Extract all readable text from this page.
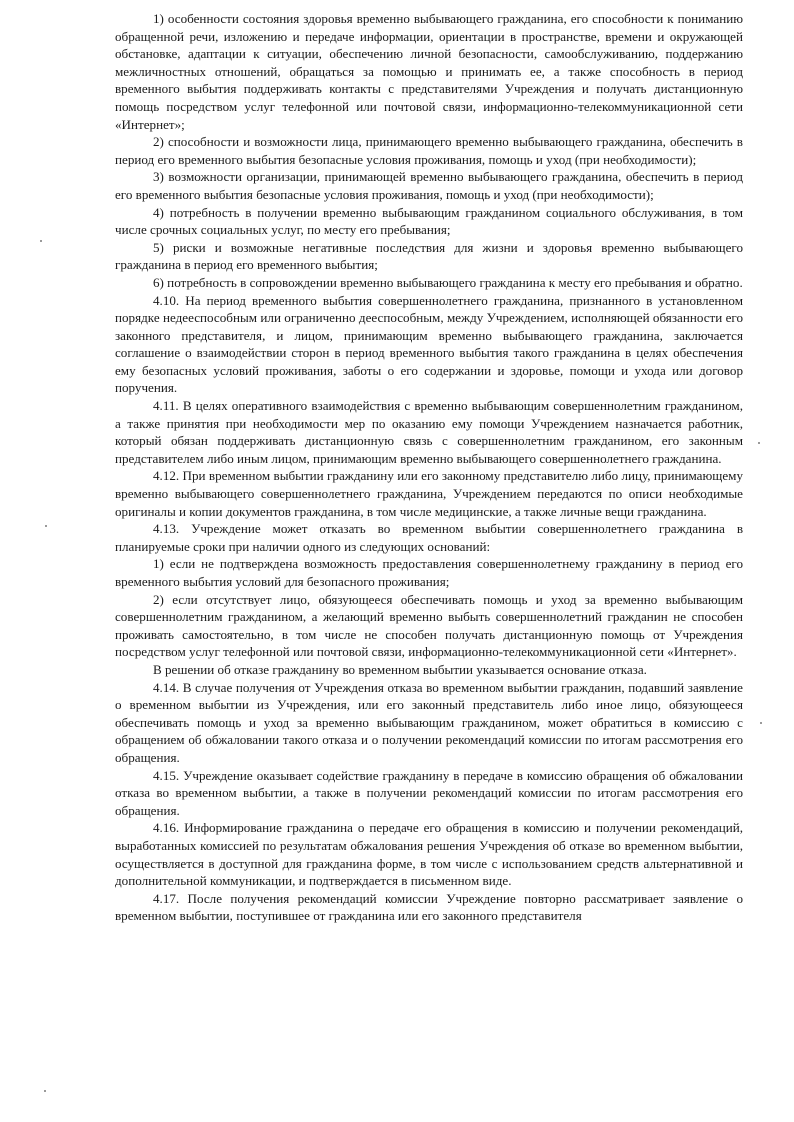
1) особенности состояния здоровья временно выбывающего гражданина, его способности к пониманию обращенной речи, изложению и передаче информации, ориентации в пространстве, времени и окружающей обстановке, адаптации к ситуации, обеспечению личной безопасности, самообслуживанию, поддержанию межличностных отношений, обращаться за помощью и принимать ее, а также способность в период временного выбытия поддерживать контакты с представителями Учреждения и получать дистанционную помощь посредством услуг телефонной или почтовой связи, информационно-телекоммуникационной сети «Интернет»;

2) способности и возможности лица, принимающего временно выбывающего гражданина, обеспечить в период его временного выбытия безопасные условия проживания, помощь и уход (при необходимости);

3) возможности организации, принимающей временно выбывающего гражданина, обеспечить в период его временного выбытия безопасные условия проживания, помощь и уход (при необходимости);

4) потребность в получении временно выбывающим гражданином социального обслуживания, в том числе срочных социальных услуг, по месту его пребывания;

5) риски и возможные негативные последствия для жизни и здоровья временно выбывающего гражданина в период его временного выбытия;

6) потребность в сопровождении временно выбывающего гражданина к месту его пребывания и обратно.

4.10. На период временного выбытия совершеннолетнего гражданина, признанного в установленном порядке недееспособным или ограниченно дееспособным, между Учреждением, исполняющей обязанности его законного представителя, и лицом, принимающим временно выбывающего гражданина, заключается соглашение о взаимодействии сторон в период временного выбытия такого гражданина в целях обеспечения ему безопасных условий проживания, заботы о его содержании и здоровье, помощи и ухода или договор поручения.

4.11. В целях оперативного взаимодействия с временно выбывающим совершеннолетним гражданином, а также принятия при необходимости мер по оказанию ему помощи Учреждением назначается работник, который обязан поддерживать дистанционную связь с совершеннолетним гражданином, его законным представителем либо иным лицом, принимающим временно выбывающего совершеннолетнего гражданина.

4.12. При временном выбытии гражданину или его законному представителю либо лицу, принимающему временно выбывающего совершеннолетнего гражданина, Учреждением передаются по описи необходимые оригиналы и копии документов гражданина, в том числе медицинские, а также личные вещи гражданина.

4.13. Учреждение может отказать во временном выбытии совершеннолетнего гражданина в планируемые сроки при наличии одного из следующих оснований:

1) если не подтверждена возможность предоставления совершеннолетнему гражданину в период его временного выбытия условий для безопасного проживания;

2) если отсутствует лицо, обязующееся обеспечивать помощь и уход за временно выбывающим совершеннолетним гражданином, а желающий временно выбыть совершеннолетний гражданин не способен проживать самостоятельно, в том числе не способен получать дистанционную помощь от Учреждения посредством услуг телефонной или почтовой связи, информационно-телекоммуникационной сети «Интернет».

В решении об отказе гражданину во временном выбытии указывается основание отказа.

4.14. В случае получения от Учреждения отказа во временном выбытии гражданин, подавший заявление о временном выбытии из Учреждения, или его законный представитель либо иное лицо, обязующееся обеспечивать помощь и уход за временно выбывающим гражданином, может обратиться в комиссию с обращением об обжаловании такого отказа и о получении рекомендаций комиссии по итогам рассмотрения его обращения.

4.15. Учреждение оказывает содействие гражданину в передаче в комиссию обращения об обжаловании отказа во временном выбытии, а также в получении рекомендаций комиссии по итогам рассмотрения его обращения.

4.16. Информирование гражданина о передаче его обращения в комиссию и получении рекомендаций, выработанных комиссией по результатам обжалования решения Учреждения об отказе во временном выбытии, осуществляется в доступной для гражданина форме, в том числе с использованием средств альтернативной и дополнительной коммуникации, и подтверждается в письменном виде.

4.17. После получения рекомендаций комиссии Учреждение повторно рассматривает заявление о временном выбытии, поступившее от гражданина или его законного представителя
